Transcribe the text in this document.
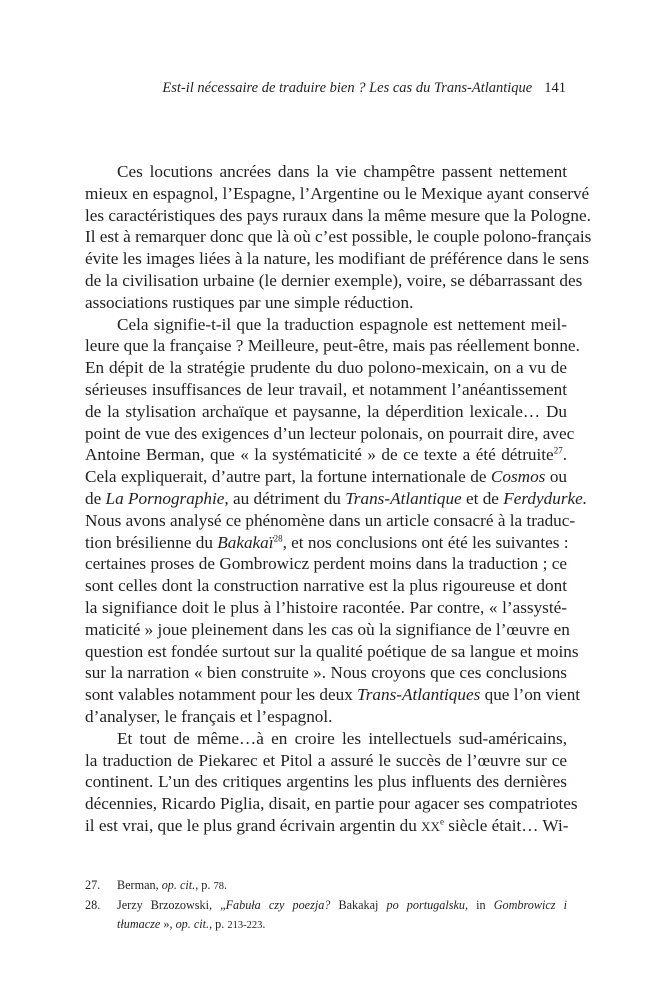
Est-il nécessaire de traduire bien ? Les cas du Trans-Atlantique 141
Ces locutions ancrées dans la vie champêtre passent nettement
mieux en espagnol, l’Espagne, l’Argentine ou le Mexique ayant conservé
les caractéristiques des pays ruraux dans la même mesure que la Pologne.
Il est à remarquer donc que là où c’est possible, le couple polono-français
évite les images liées à la nature, les modifiant de préférence dans le sens
de la civilisation urbaine (le dernier exemple), voire, se débarrassant des
associations rustiques par une simple réduction.
Cela signifie-t-il que la traduction espagnole est nettement meil-
leure que la française ? Meilleure, peut-être, mais pas réellement bonne.
En dépit de la stratégie prudente du duo polono-mexicain, on a vu de
sérieuses insuffisances de leur travail, et notamment l’anéantissement
de la stylisation archaïque et paysanne, la déperdition lexicale… Du
point de vue des exigences d’un lecteur polonais, on pourrait dire, avec
Antoine Berman, que « la systématicité » de ce texte a été détruite$^{27}$.
Cela expliquerait, d’autre part, la fortune internationale de Cosmos ou
de La Pornographie, au détriment du Trans-Atlantique et de Ferdydurke.
Nous avons analysé ce phénomène dans un article consacré à la traduc-
tion brésilienne du Bakakaï$^{28}$, et nos conclusions ont été les suivantes :
certaines proses de Gombrowicz perdent moins dans la traduction ; ce
sont celles dont la construction narrative est la plus rigoureuse et dont
la signifiance doit le plus à l’histoire racontée. Par contre, « l’assysté-
maticité » joue pleinement dans les cas où la signifiance de l’œuvre en
question est fondée surtout sur la qualité poétique de sa langue et moins
sur la narration « bien construite ». Nous croyons que ces conclusions
sont valables notamment pour les deux Trans-Atlantiques que l’on vient
d’analyser, le français et l’espagnol.
Et tout de même…à en croire les intellectuels sud-américains,
la traduction de Piekarec et Pitol a assuré le succès de l’œuvre sur ce
continent. L’un des critiques argentins les plus influents des dernières
décennies, Ricardo Piglia, disait, en partie pour agacer ses compatriotes
il est vrai, que le plus grand écrivain argentin du XXe siècle était… Wi-
27.	Berman, op. cit., p. 78.
28.	Jerzy Brzozowski, „Fabuła czy poezja? Bakakaj po portugalsku, in Gombrowicz i
tłumacze », op. cit., p. 213-223.
